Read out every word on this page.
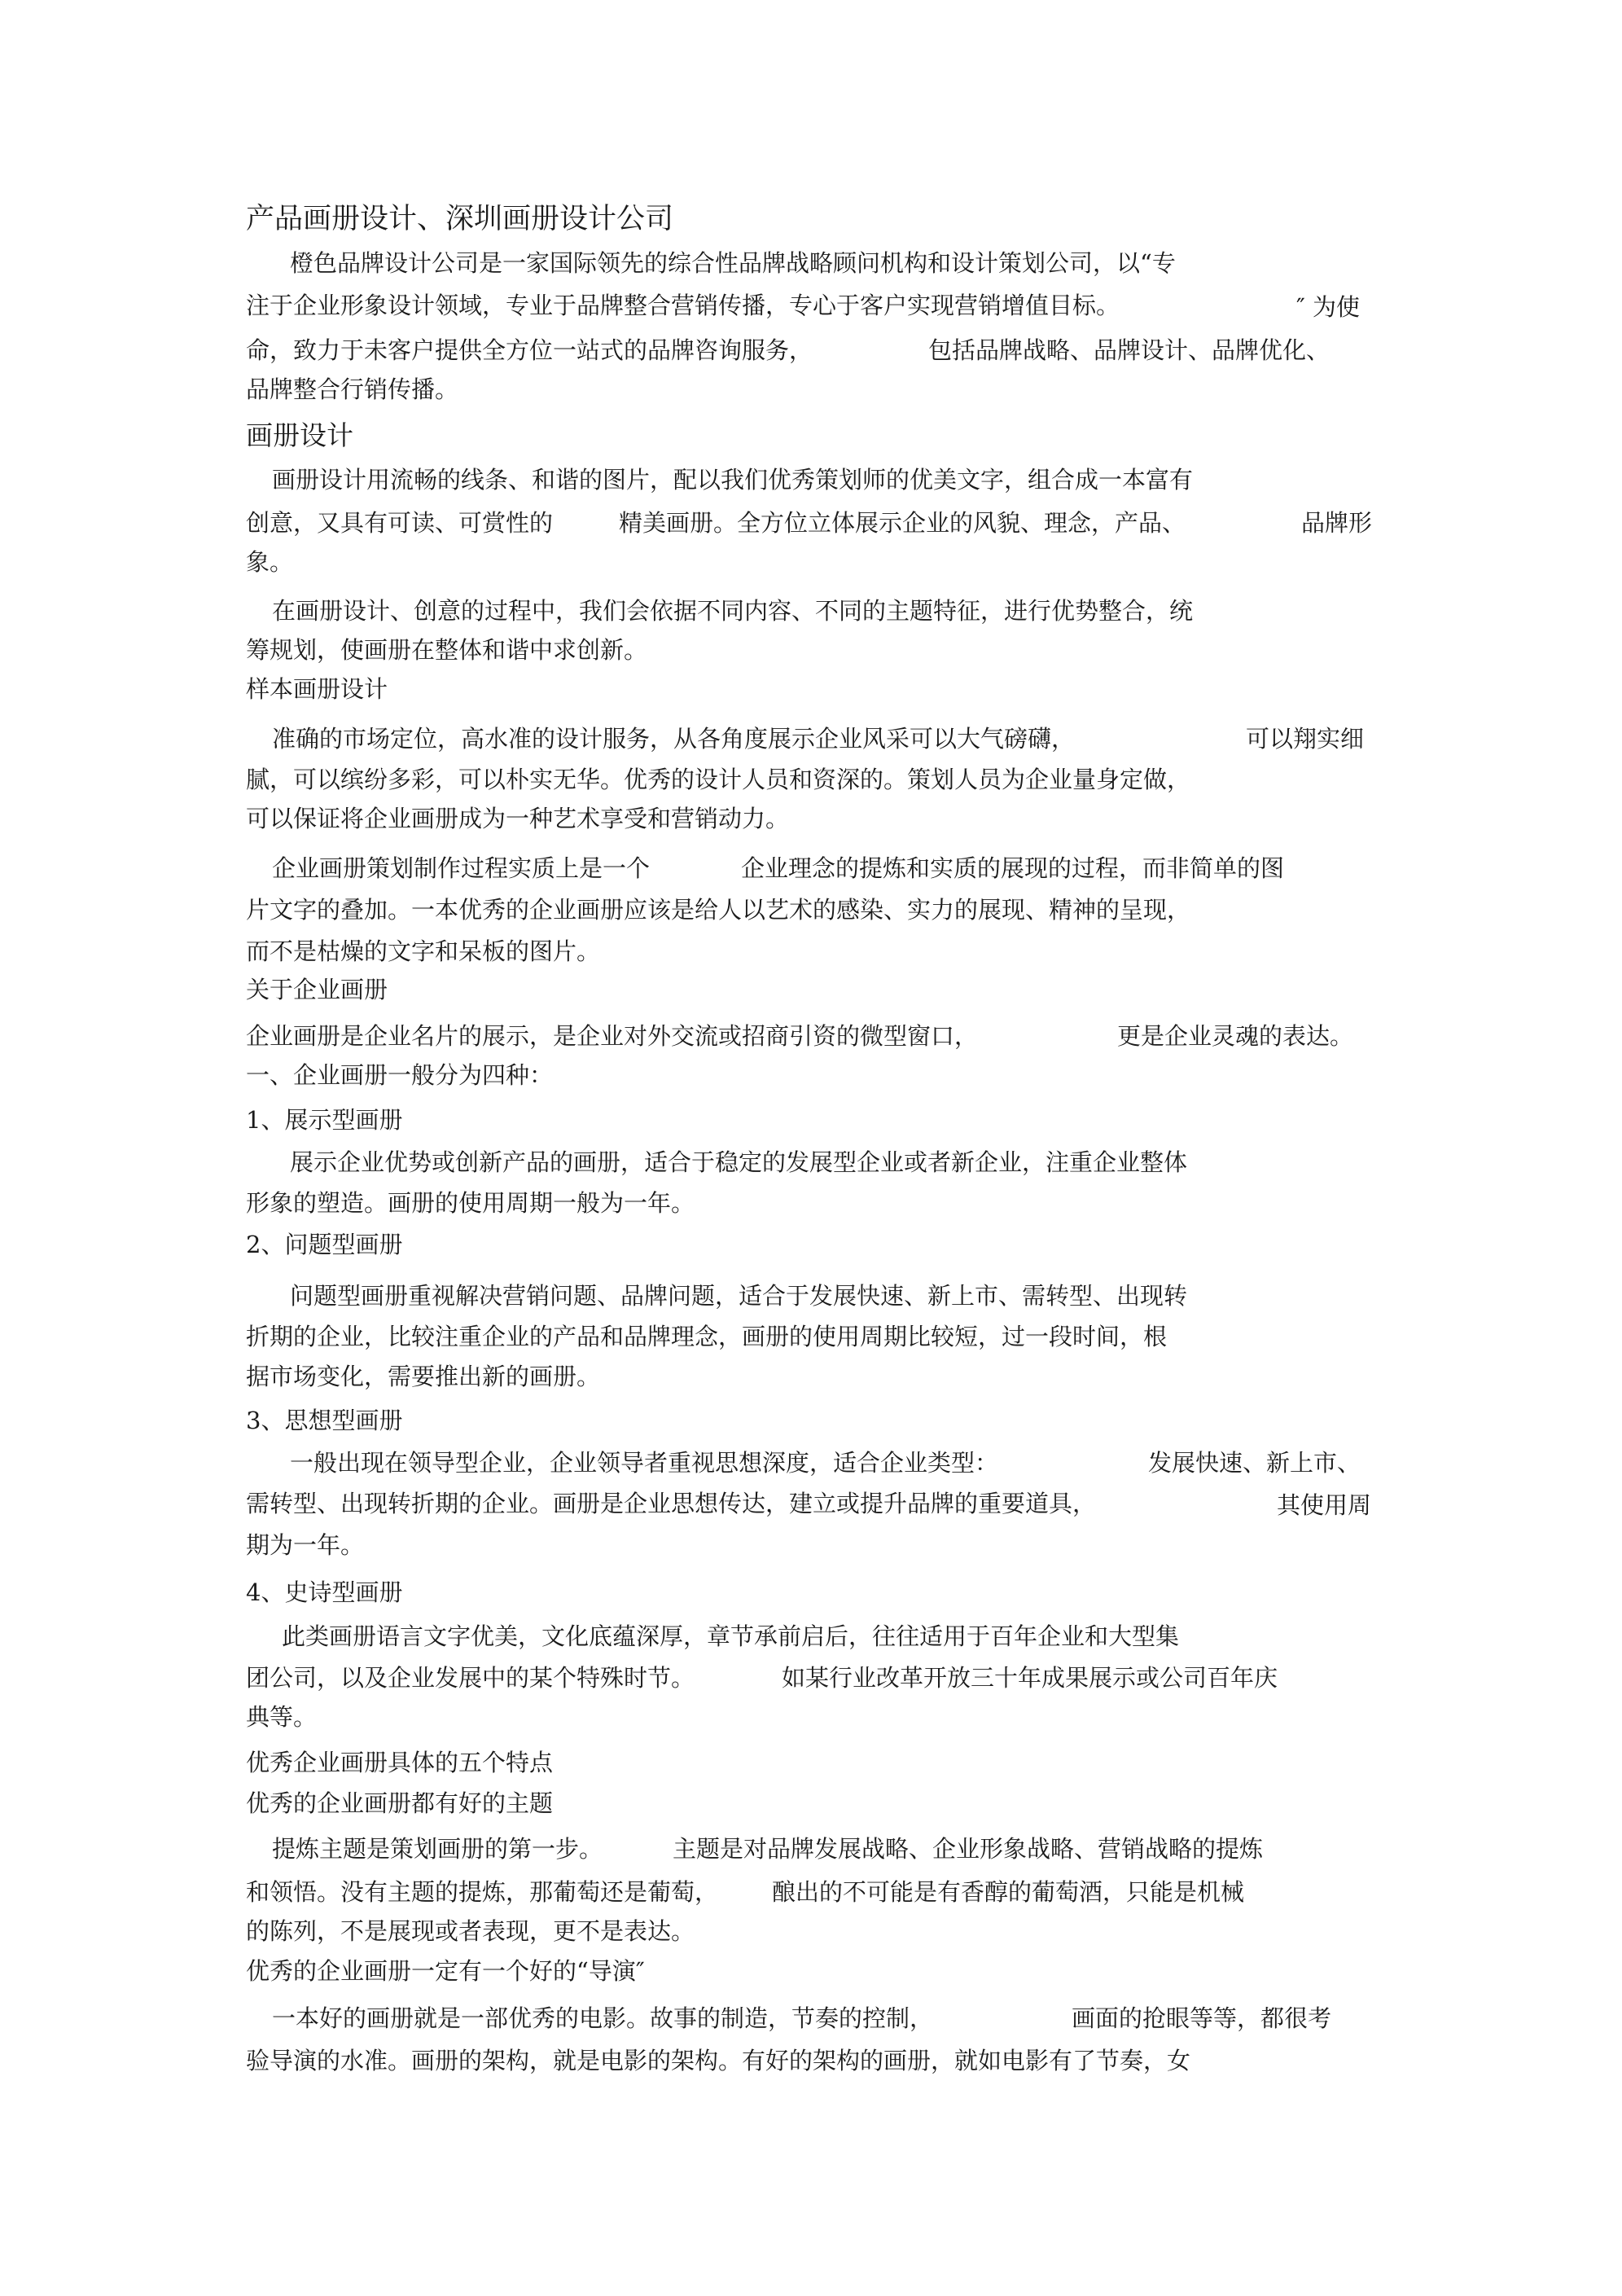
产品画册设计、深圳画册设计公司
橙色品牌设计公司是一家国际领先的综合性品牌战略顾问机构和设计策划公司，以“专
注于企业形象设计领域，专业于品牌整合营销传播，专心于客户实现营销增值目标。	″ 为使
命，致力于未客户提供全方位一站式的品牌咨询服务，	包括品牌战略、品牌设计、品牌优化、
品牌整合行销传播。
画册设计
画册设计用流畅的线条、和谐的图片，配以我们优秀策划师的优美文字，组合成一本富有
创意，又具有可读、可赏性的	精美画册。全方位立体展示企业的风貌、理念，产品、	品牌形
象。
在画册设计、创意的过程中，我们会依据不同内容、不同的主题特征，进行优势整合，统
筹规划，使画册在整体和谐中求创新。
样本画册设计
准确的市场定位，高水准的设计服务，从各角度展示企业风采可以大气磅礴，	可以翔实细
腻，可以缤纷多彩，可以朴实无华。优秀的设计人员和资深的。策划人员为企业量身定做，
可以保证将企业画册成为一种艺术享受和营销动力。
企业画册策划制作过程实质上是一个	企业理念的提炼和实质的展现的过程，而非简单的图
片文字的叠加。一本优秀的企业画册应该是给人以艺术的感染、实力的展现、精神的呈现，
而不是枯燥的文字和呆板的图片。
关于企业画册
企业画册是企业名片的展示，是企业对外交流或招商引资的微型窗口，	更是企业灵魂的表达。
一、企业画册一般分为四种：
1、展示型画册
展示企业优势或创新产品的画册，适合于稳定的发展型企业或者新企业，注重企业整体
形象的塑造。画册的使用周期一般为一年。
2、问题型画册
问题型画册重视解决营销问题、品牌问题，适合于发展快速、新上市、需转型、出现转
折期的企业，比较注重企业的产品和品牌理念，画册的使用周期比较短，过一段时间，根
据市场变化，需要推出新的画册。
3、思想型画册
一般出现在领导型企业，企业领导者重视思想深度，适合企业类型：	发展快速、新上市、
需转型、出现转折期的企业。画册是企业思想传达，建立或提升品牌的重要道具，	其使用周
期为一年。
4、史诗型画册
此类画册语言文字优美，文化底蕴深厚，章节承前启后，往往适用于百年企业和大型集
团公司，以及企业发展中的某个特殊时节。	如某行业改革开放三十年成果展示或公司百年庆
典等。
优秀企业画册具体的五个特点
优秀的企业画册都有好的主题
提炼主题是策划画册的第一步。	主题是对品牌发展战略、企业形象战略、营销战略的提炼
和领悟。没有主题的提炼，那葡萄还是葡萄， 酿出的不可能是有香醇的葡萄酒，只能是机械
的陈列，不是展现或者表现，更不是表达。
优秀的企业画册一定有一个好的“导演″
一本好的画册就是一部优秀的电影。故事的制造，节奏的控制，	画面的抢眼等等，都很考
验导演的水准。画册的架构，就是电影的架构。有好的架构的画册，就如电影有了节奏，女
